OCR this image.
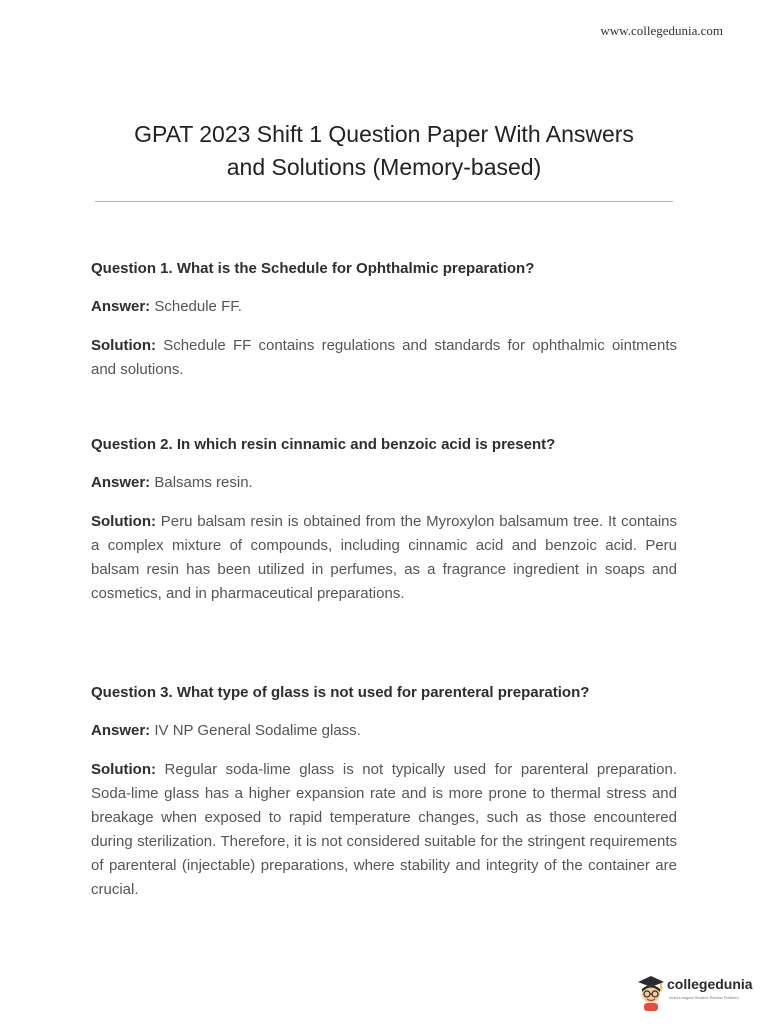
www.collegedunia.com
GPAT 2023 Shift 1 Question Paper With Answers
and Solutions (Memory-based)

Question 1. What is the Schedule for Ophthalmic preparation?

Answer: Schedule FF.

Solution: Schedule FF contains regulations and standards for ophthalmic ointments and solutions.

Question 2. In which resin cinnamic and benzoic acid is present?

Answer: Balsams resin.

Solution: Peru balsam resin is obtained from the Myroxylon balsamum tree. It contains a complex mixture of compounds, including cinnamic acid and benzoic acid. Peru balsam resin has been utilized in perfumes, as a fragrance ingredient in soaps and cosmetics, and in pharmaceutical preparations.

Question 3. What type of glass is not used for parenteral preparation?

Answer: IV NP General Sodalime glass.

Solution: Regular soda-lime glass is not typically used for parenteral preparation. Soda-lime glass has a higher expansion rate and is more prone to thermal stress and breakage when exposed to rapid temperature changes, such as those encountered during sterilization. Therefore, it is not considered suitable for the stringent requirements of parenteral (injectable) preparations, where stability and integrity of the container are crucial.

collegedunia
India's largest Student Review Platform
